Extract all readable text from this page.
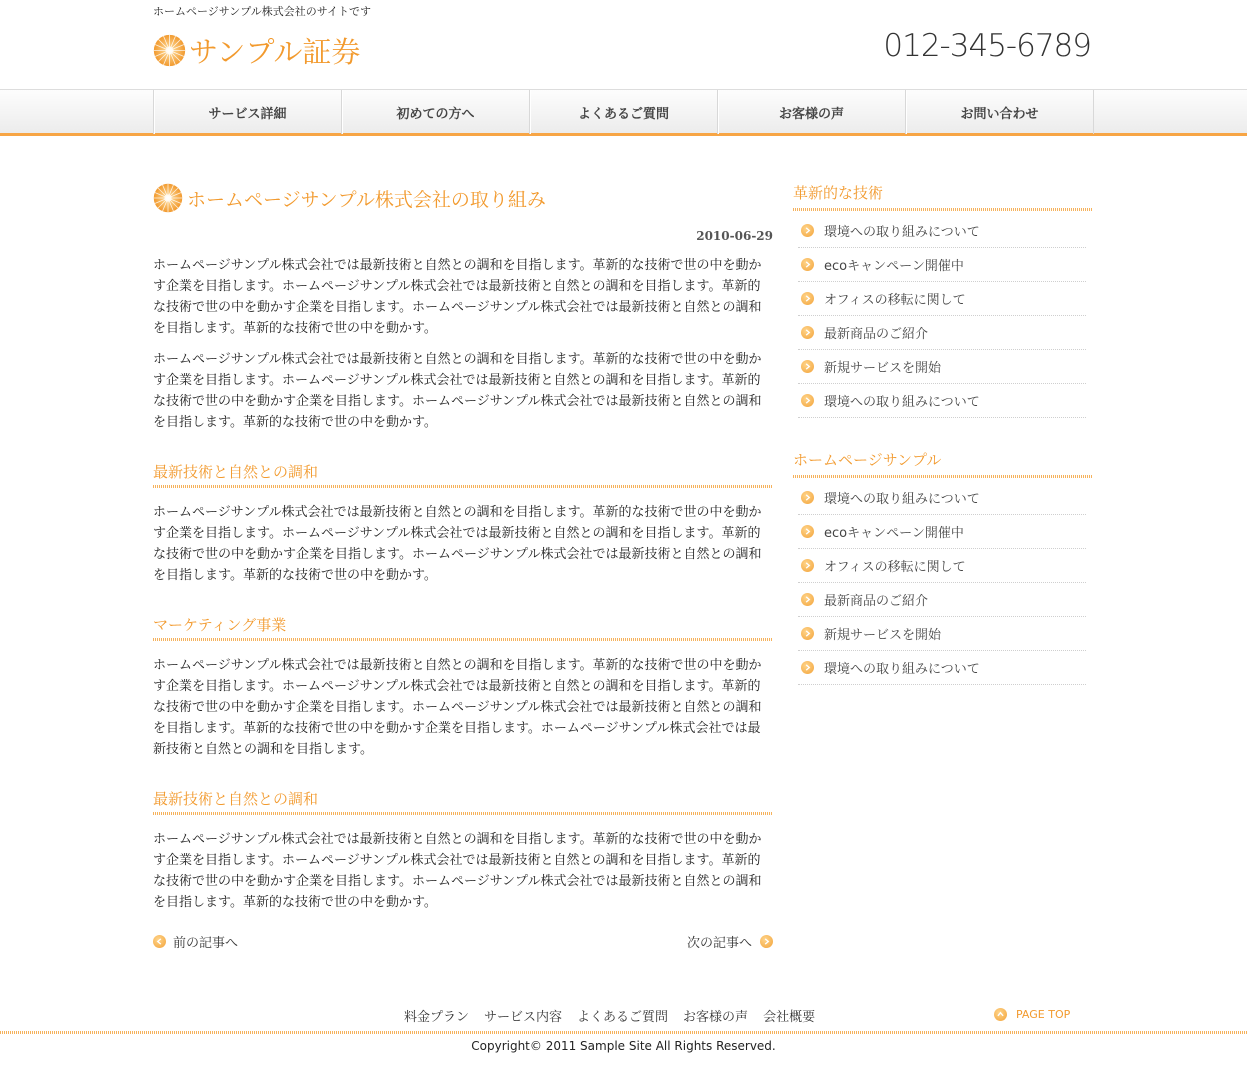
ホームページサンプル株式会社のサイトです
サンプル証券	012-345-6789
サービス詳細	初めての方へ	よくあるご質問	お客様の声	お問い合わせ
ホームページサンプル株式会社の取り組み
2010-06-29

ホームページサンプル株式会社では最新技術と自然との調和を目指します。革新的な技術で世の中を動かす企業を目指します。ホームページサンプル株式会社では最新技術と自然との調和を目指します。革新的な技術で世の中を動かす企業を目指します。ホームページサンプル株式会社では最新技術と自然との調和を目指します。革新的な技術で世の中を動かす。

ホームページサンプル株式会社では最新技術と自然との調和を目指します。革新的な技術で世の中を動かす企業を目指します。ホームページサンプル株式会社では最新技術と自然との調和を目指します。革新的な技術で世の中を動かす企業を目指します。ホームページサンプル株式会社では最新技術と自然との調和を目指します。革新的な技術で世の中を動かす。

最新技術と自然との調和

ホームページサンプル株式会社では最新技術と自然との調和を目指します。革新的な技術で世の中を動かす企業を目指します。ホームページサンプル株式会社では最新技術と自然との調和を目指します。革新的な技術で世の中を動かす企業を目指します。ホームページサンプル株式会社では最新技術と自然との調和を目指します。革新的な技術で世の中を動かす。

マーケティング事業

ホームページサンプル株式会社では最新技術と自然との調和を目指します。革新的な技術で世の中を動かす企業を目指します。ホームページサンプル株式会社では最新技術と自然との調和を目指します。革新的な技術で世の中を動かす企業を目指します。ホームページサンプル株式会社では最新技術と自然との調和を目指します。革新的な技術で世の中を動かす企業を目指します。ホームページサンプル株式会社では最新技術と自然との調和を目指します。

最新技術と自然との調和

ホームページサンプル株式会社では最新技術と自然との調和を目指します。革新的な技術で世の中を動かす企業を目指します。ホームページサンプル株式会社では最新技術と自然との調和を目指します。革新的な技術で世の中を動かす企業を目指します。ホームページサンプル株式会社では最新技術と自然との調和を目指します。革新的な技術で世の中を動かす。

前の記事へ	次の記事へ
革新的な技術
環境への取り組みについて
ecoキャンペーン開催中
オフィスの移転に関して
最新商品のご紹介
新規サービスを開始
環境への取り組みについて
ホームページサンプル
環境への取り組みについて
ecoキャンペーン開催中
オフィスの移転に関して
最新商品のご紹介
新規サービスを開始
環境への取り組みについて
料金プラン サービス内容 よくあるご質問 お客様の声 会社概要	PAGE TOP
Copyright© 2011 Sample Site All Rights Reserved.
